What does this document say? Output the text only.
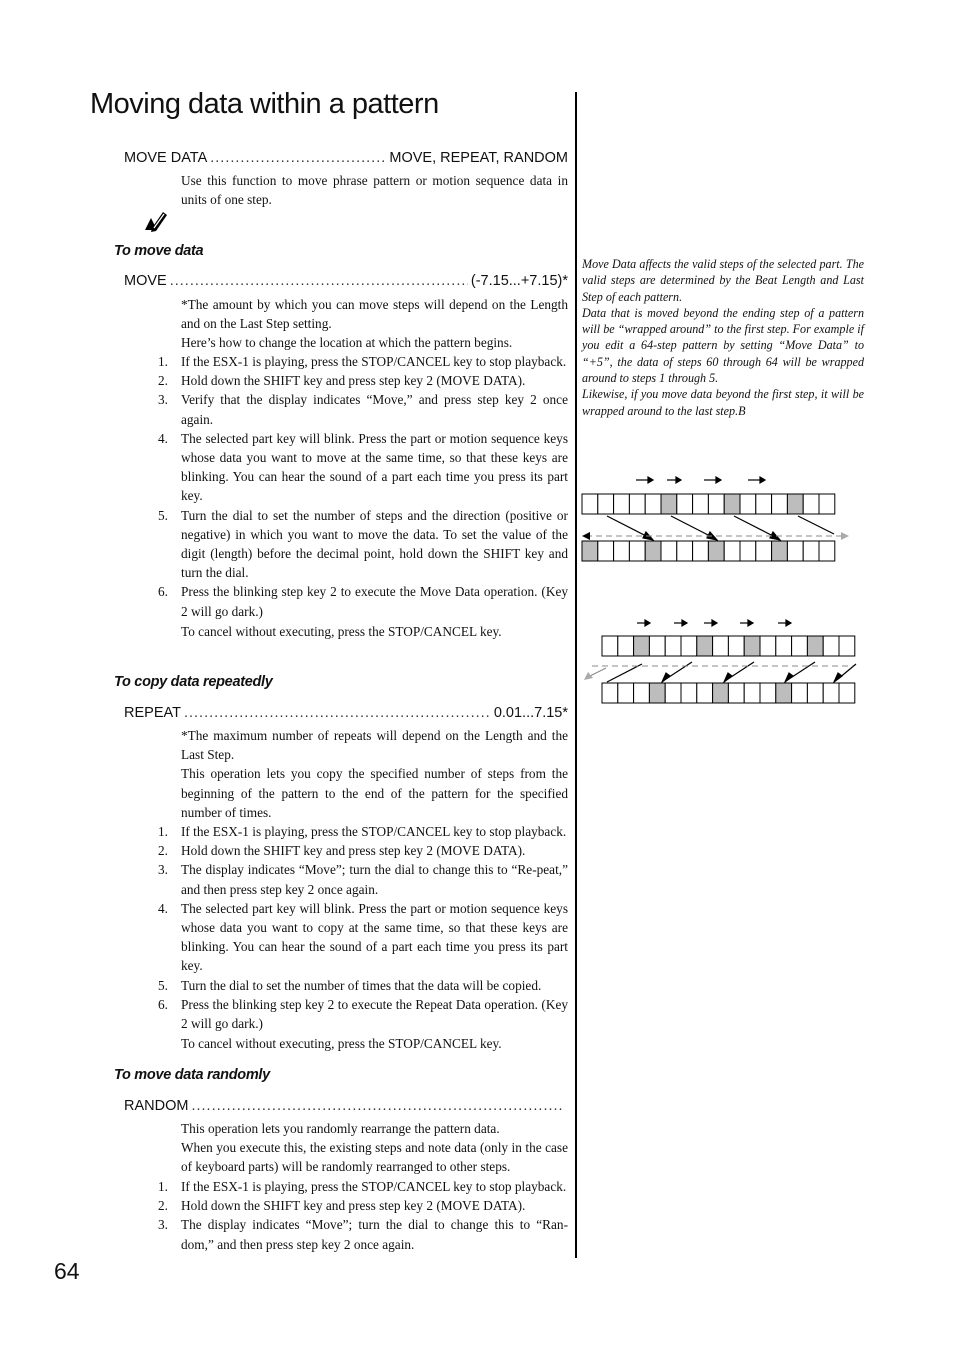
Moving data within a pattern
MOVE DATA .....	MOVE, REPEAT, RANDOM

Use this function to move phrase pattern or motion sequence data in units of one step.

To move data
MOVE .....	(-7.15...+7.15)*

*The amount by which you can move steps will depend on the Length and on the Last Step setting.

Here’s how to change the location at which the pattern begins.

1. If the ESX-1 is playing, press the STOP/CANCEL key to stop playback.
2. Hold down the SHIFT key and press step key 2 (MOVE DATA).
3. Verify that the display indicates “Move,” and press step key 2 once again.
4. The selected part key will blink. Press the part or motion sequence keys whose data you want to move at the same time, so that these keys are blinking. You can hear the sound of a part each time you press its part key.
5. Turn the dial to set the number of steps and the direction (positive or negative) in which you want to move the data. To set the value of the digit (length) before the decimal point, hold down the SHIFT key and turn the dial.
6. Press the blinking step key 2 to execute the Move Data operation. (Key 2 will go dark.)
To cancel without executing, press the STOP/CANCEL key.
To copy data repeatedly
REPEAT .....	0.01...7.15*

*The maximum number of repeats will depend on the Length and the Last Step.

This operation lets you copy the specified number of steps from the beginning of the pattern to the end of the pattern for the specified number of times.

1. If the ESX-1 is playing, press the STOP/CANCEL key to stop playback.
2. Hold down the SHIFT key and press step key 2 (MOVE DATA).
3. The display indicates “Move”; turn the dial to change this to “Re-peat,” and then press step key 2 once again.
4. The selected part key will blink. Press the part or motion sequence keys whose data you want to copy at the same time, so that these keys are blinking. You can hear the sound of a part each time you press its part key.
5. Turn the dial to set the number of times that the data will be copied.
6. Press the blinking step key 2 to execute the Repeat Data operation. (Key 2 will go dark.)
To cancel without executing, press the STOP/CANCEL key.
To move data randomly
RANDOM
.....

This operation lets you randomly rearrange the pattern data.

When you execute this, the existing steps and note data (only in the case of keyboard parts) will be randomly rearranged to other steps.

1. If the ESX-1 is playing, press the STOP/CANCEL key to stop playback.
2. Hold down the SHIFT key and press step key 2 (MOVE DATA).
3. The display indicates “Move”; turn the dial to change this to “Ran-dom,” and then press step key 2 once again.
64

Move Data affects the valid steps of the selected part. The valid steps are determined by the Beat Length and Last Step of each pattern.

Data that is moved beyond the ending step of a pattern will be “wrapped around” to the first step. For example if you edit a 64-step pattern by setting “Move Data” to “+5”, the data of steps 60 through 64 will be wrapped around to steps 1 through 5.

Likewise, if you move data beyond the first step, it will be wrapped around to the last step.B
